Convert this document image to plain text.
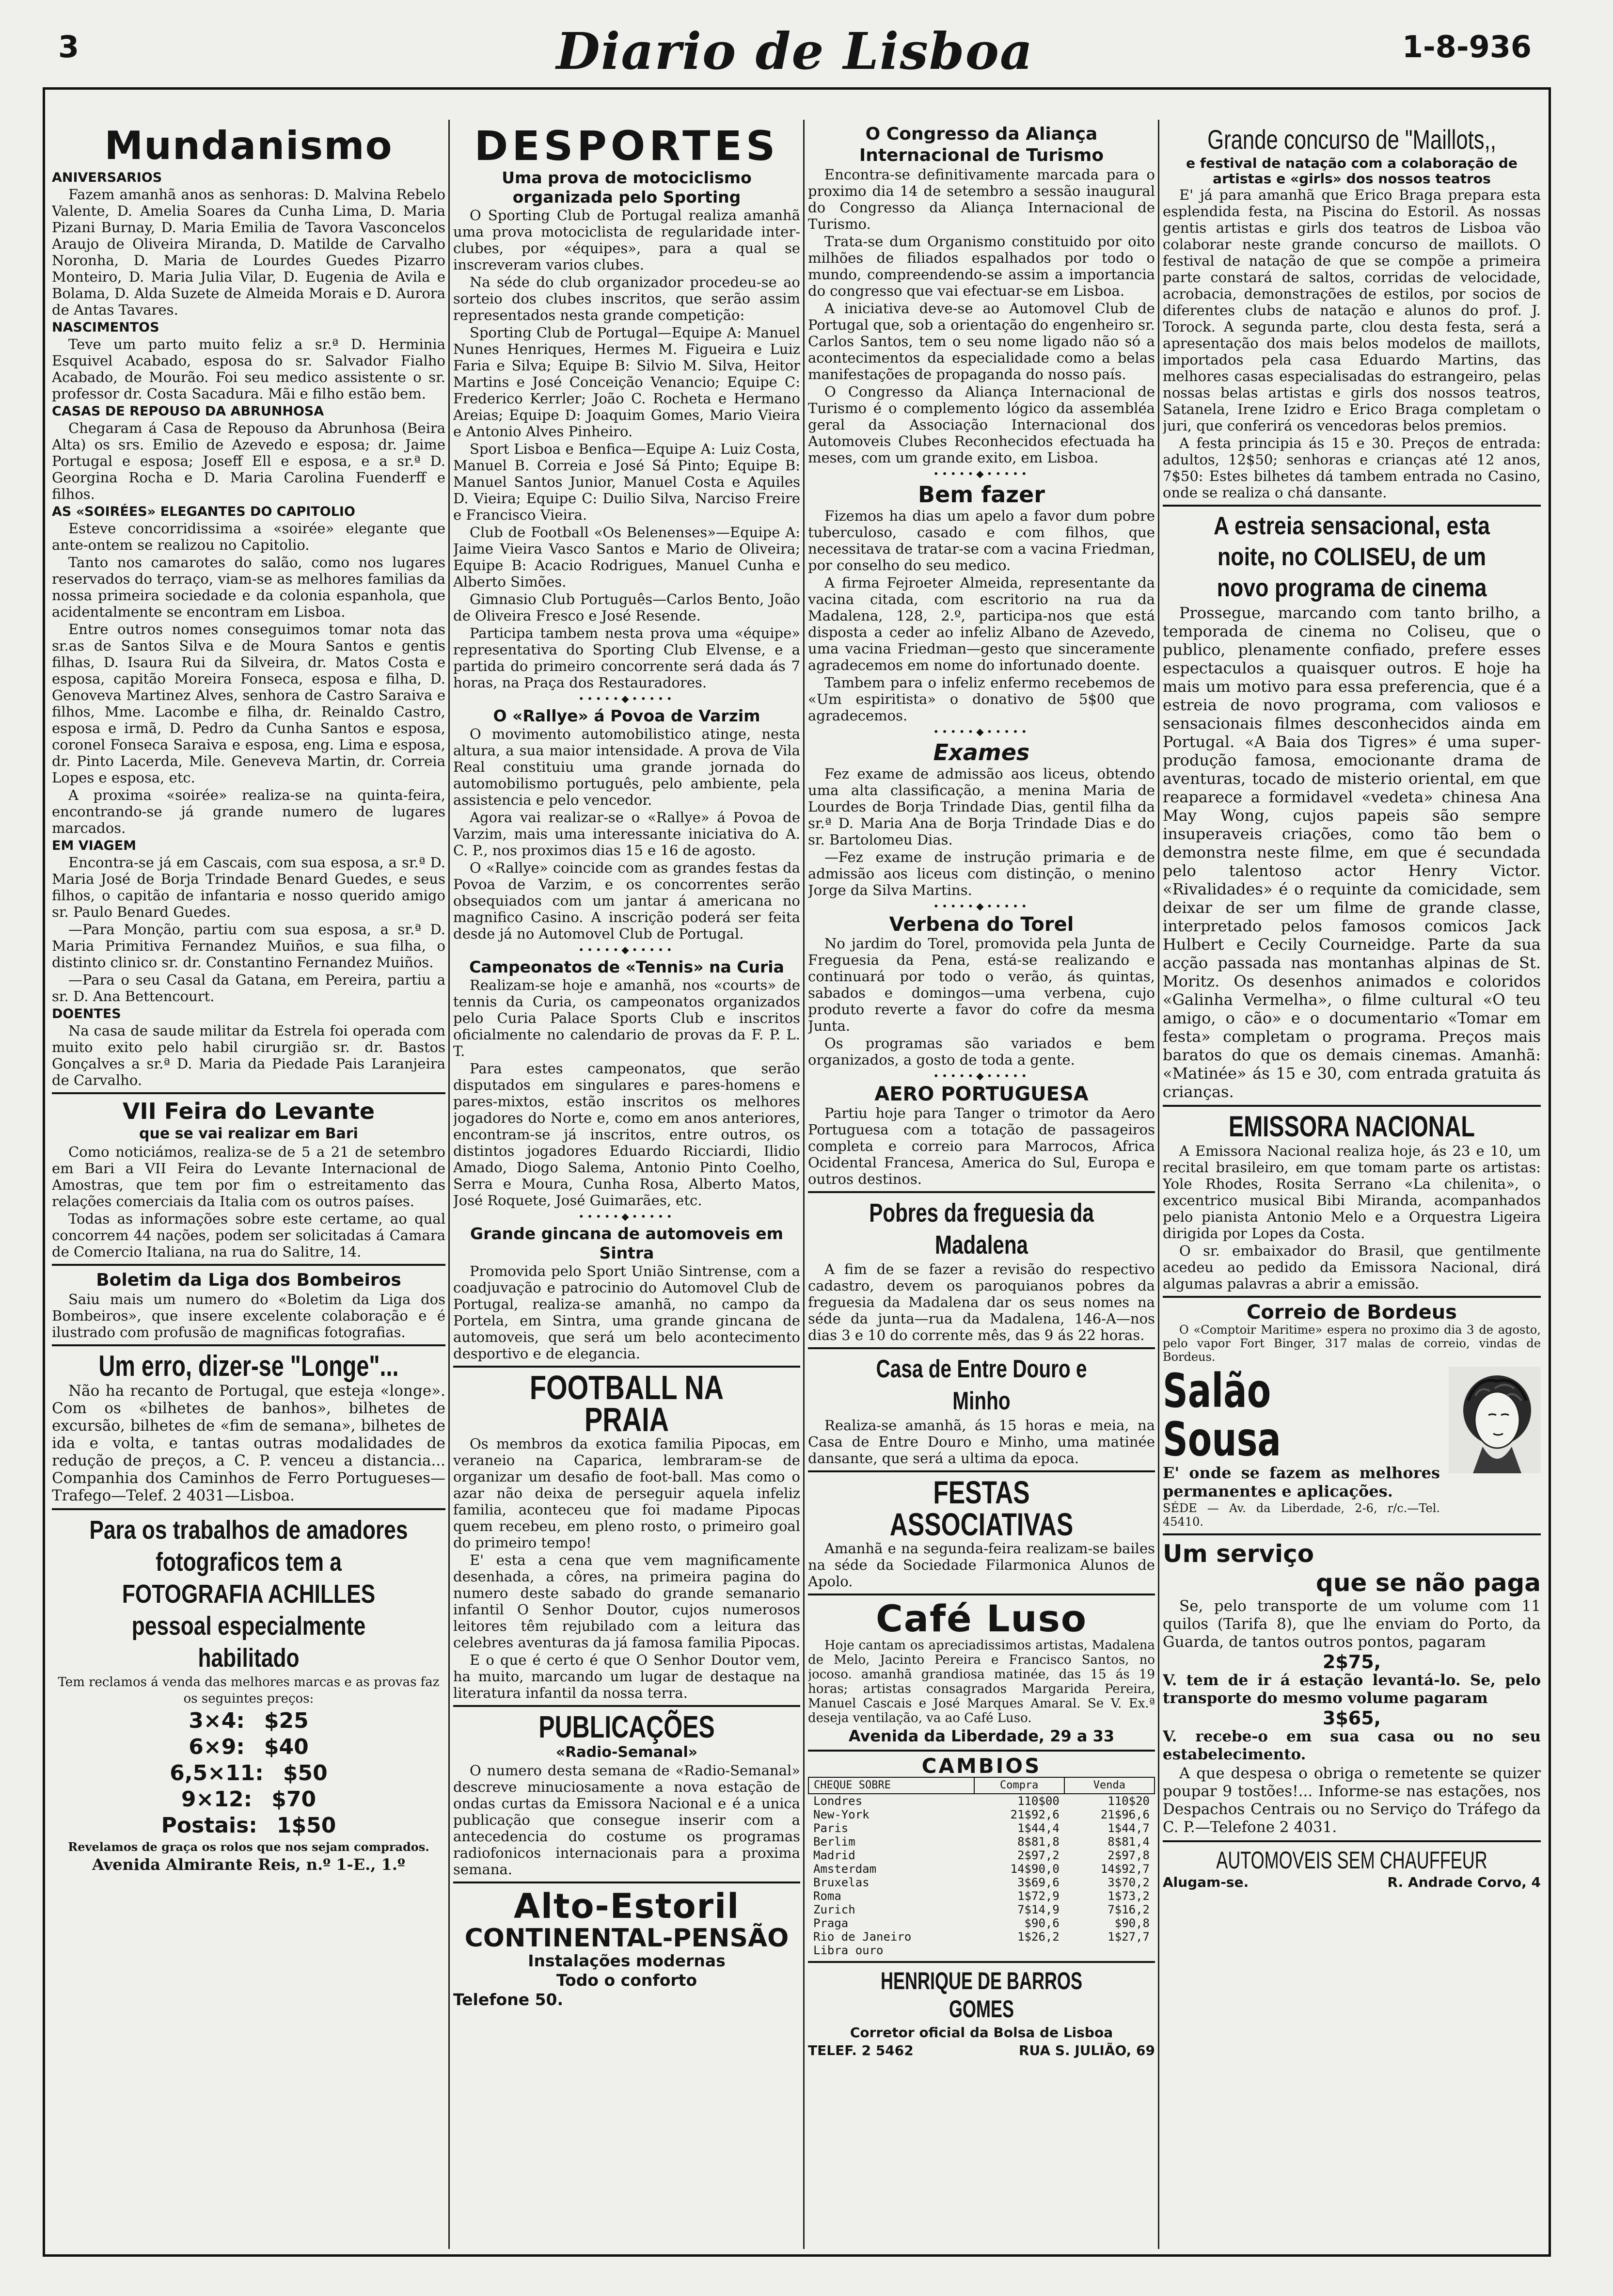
3	Diario de Lisboa	1-8-936
Mundanismo
ANIVERSARIOS

Fazem amanhã anos as senhoras: D. Malvina Rebelo Valente, D. Amelia Soares da Cunha Lima, D. Maria Pizani Burnay, D. Maria Emilia de Tavora Vasconcelos Araujo de Oliveira Miranda, D. Matilde de Carvalho Noronha, D. Maria de Lourdes Guedes Pizarro Monteiro, D. Maria Julia Vilar, D. Eugenia de Avila e Bolama, D. Alda Suzete de Almeida Morais e D. Aurora de Antas Tavares.

NASCIMENTOS

Teve um parto muito feliz a sr.ª D. Herminia Esquivel Acabado, esposa do sr. Salvador Fialho Acabado, de Mourão. Foi seu medico assistente o sr. professor dr. Costa Sacadura. Mãi e filho estão bem.

CASAS DE REPOUSO DA ABRUNHOSA

Chegaram á Casa de Repouso da Abrunhosa (Beira Alta) os srs. Emilio de Azevedo e esposa; dr. Jaime Portugal e esposa; Joseff Ell e esposa, e a sr.ª D. Georgina Rocha e D. Maria Carolina Fuenderff e filhos.

AS «SOIRÉES» ELEGANTES DO CAPITOLIO

Esteve concorridissima a «soirée» elegante que ante-ontem se realizou no Capitolio.

Tanto nos camarotes do salão, como nos lugares reservados do terraço, viam-se as melhores familias da nossa primeira sociedade e da colonia espanhola, que acidentalmente se encontram em Lisboa.

Entre outros nomes conseguimos tomar nota das sr.as de Santos Silva e de Moura Santos e gentis filhas, D. Isaura Rui da Silveira, dr. Matos Costa e esposa, capitão Moreira Fonseca, esposa e filha, D. Genoveva Martinez Alves, senhora de Castro Saraiva e filhos, Mme. Lacombe e filha, dr. Reinaldo Castro, esposa e irmã, D. Pedro da Cunha Santos e esposa, coronel Fonseca Saraiva e esposa, eng. Lima e esposa, dr. Pinto Lacerda, Mile. Geneveva Martin, dr. Correia Lopes e esposa, etc.

A proxima «soirée» realiza-se na quinta-feira, encontrando-se já grande numero de lugares marcados.

EM VIAGEM

Encontra-se já em Cascais, com sua esposa, a sr.ª D. Maria José de Borja Trindade Benard Guedes, e seus filhos, o capitão de infantaria e nosso querido amigo sr. Paulo Benard Guedes.

—Para Monção, partiu com sua esposa, a sr.ª D. Maria Primitiva Fernandez Muiños, e sua filha, o distinto clinico sr. dr. Constantino Fernandez Muiños.

—Para o seu Casal da Gatana, em Pereira, partiu a sr. D. Ana Bettencourt.

DOENTES

Na casa de saude militar da Estrela foi operada com muito exito pelo habil cirurgião sr. dr. Bastos Gonçalves a sr.ª D. Maria da Piedade Pais Laranjeira de Carvalho.

VII Feira do Levante
que se vai realizar em Bari

Como noticiámos, realiza-se de 5 a 21 de setembro em Bari a VII Feira do Levante Internacional de Amostras, que tem por fim o estreitamento das relações comerciais da Italia com os outros países.

Todas as informações sobre este certame, ao qual concorrem 44 nações, podem ser solicitadas á Camara de Comercio Italiana, na rua do Salitre, 14.

Boletim da Liga dos Bombeiros

Saiu mais um numero do «Boletim da Liga dos Bombeiros», que insere excelente colaboração e é ilustrado com profusão de magnificas fotografias.

Um erro, dizer-se "Longe"...

Não ha recanto de Portugal, que esteja «longe». Com os «bilhetes de banhos», bilhetes de excursão, bilhetes de «fim de semana», bilhetes de ida e volta, e tantas outras modalidades de redução de preços, a C. P. venceu a distancia... Companhia dos Caminhos de Ferro Portugueses—Trafego—Telef. 2 4031—Lisboa.

Para os trabalhos de amadores fotograficos tem a FOTOGRAFIA ACHILLES pessoal especialmente habilitado

Tem reclamos á venda das melhores marcas e as provas faz os seguintes preços:

3×4: $25
6×9: $40
6,5×11: $50
9×12: $70
Postais: 1$50

Revelamos de graça os rolos que nos sejam comprados.

Avenida Almirante Reis, n.º 1-E., 1.º

DESPORTES
Uma prova de motociclismo organizada pelo Sporting

O Sporting Club de Portugal realiza amanhã uma prova motociclista de regularidade inter-clubes, por «équipes», para a qual se inscreveram varios clubes.

Na séde do club organizador procedeu-se ao sorteio dos clubes inscritos, que serão assim representados nesta grande competição:

Sporting Club de Portugal—Equipe A: Manuel Nunes Henriques, Hermes M. Figueira e Luiz Faria e Silva; Equipe B: Silvio M. Silva, Heitor Martins e José Conceição Venancio; Equipe C: Frederico Kerrler; João C. Rocheta e Hermano Areias; Equipe D: Joaquim Gomes, Mario Vieira e Antonio Alves Pinheiro.

Sport Lisboa e Benfica—Equipe A: Luiz Costa, Manuel B. Correia e José Sá Pinto; Equipe B: Manuel Santos Junior, Manuel Costa e Aquiles D. Vieira; Equipe C: Duilio Silva, Narciso Freire e Francisco Vieira.

Club de Football «Os Belenenses»—Equipe A: Jaime Vieira Vasco Santos e Mario de Oliveira; Equipe B: Acacio Rodrigues, Manuel Cunha e Alberto Simões.

Gimnasio Club Português—Carlos Bento, João de Oliveira Fresco e José Resende.

Participa tambem nesta prova uma «équipe» representativa do Sporting Club Elvense, e a partida do primeiro concorrente será dada ás 7 horas, na Praça dos Restauradores.

•••••◆•••••
O «Rallye» á Povoa de Varzim

O movimento automobilistico atinge, nesta altura, a sua maior intensidade. A prova de Vila Real constituiu uma grande jornada do automobilismo português, pelo ambiente, pela assistencia e pelo vencedor.

Agora vai realizar-se o «Rallye» á Povoa de Varzim, mais uma interessante iniciativa do A. C. P., nos proximos dias 15 e 16 de agosto.

O «Rallye» coincide com as grandes festas da Povoa de Varzim, e os concorrentes serão obsequiados com um jantar á americana no magnifico Casino. A inscrição poderá ser feita desde já no Automovel Club de Portugal.

•••••◆•••••
Campeonatos de «Tennis» na Curia

Realizam-se hoje e amanhã, nos «courts» de tennis da Curia, os campeonatos organizados pelo Curia Palace Sports Club e inscritos oficialmente no calendario de provas da F. P. L. T.

Para estes campeonatos, que serão disputados em singulares e pares-homens e pares-mixtos, estão inscritos os melhores jogadores do Norte e, como em anos anteriores, encontram-se já inscritos, entre outros, os distintos jogadores Eduardo Ricciardi, Ilidio Amado, Diogo Salema, Antonio Pinto Coelho, Serra e Moura, Cunha Rosa, Alberto Matos, José Roquete, José Guimarães, etc.

•••••◆•••••
Grande gincana de automoveis em Sintra

Promovida pelo Sport União Sintrense, com a coadjuvação e patrocinio do Automovel Club de Portugal, realiza-se amanhã, no campo da Portela, em Sintra, uma grande gincana de automoveis, que será um belo acontecimento desportivo e de elegancia.

FOOTBALL NA PRAIA

Os membros da exotica familia Pipocas, em veraneio na Caparica, lembraram-se de organizar um desafio de foot-ball. Mas como o azar não deixa de perseguir aquela infeliz familia, aconteceu que foi madame Pipocas quem recebeu, em pleno rosto, o primeiro goal do primeiro tempo!

E' esta a cena que vem magnificamente desenhada, a côres, na primeira pagina do numero deste sabado do grande semanario infantil O Senhor Doutor, cujos numerosos leitores têm rejubilado com a leitura das celebres aventuras da já famosa familia Pipocas.

E o que é certo é que O Senhor Doutor vem, ha muito, marcando um lugar de destaque na literatura infantil da nossa terra.

PUBLICAÇÕES
«Radio-Semanal»

O numero desta semana de «Radio-Semanal» descreve minuciosamente a nova estação de ondas curtas da Emissora Nacional e é a unica publicação que consegue inserir com a antecedencia do costume os programas radiofonicos internacionais para a proxima semana.

Alto-Estoril
CONTINENTAL-PENSÃO
Instalações modernas
Todo o conforto
Telefone 50.
O Congresso da Aliança Internacional de Turismo

Encontra-se definitivamente marcada para o proximo dia 14 de setembro a sessão inaugural do Congresso da Aliança Internacional de Turismo.

Trata-se dum Organismo constituido por oito milhões de filiados espalhados por todo o mundo, compreendendo-se assim a importancia do congresso que vai efectuar-se em Lisboa.

A iniciativa deve-se ao Automovel Club de Portugal que, sob a orientação do engenheiro sr. Carlos Santos, tem o seu nome ligado não só a acontecimentos da especialidade como a belas manifestações de propaganda do nosso país.

O Congresso da Aliança Internacional de Turismo é o complemento lógico da assembléa geral da Associação Internacional dos Automoveis Clubes Reconhecidos efectuada ha meses, com um grande exito, em Lisboa.

•••••◆•••••
Bem fazer

Fizemos ha dias um apelo a favor dum pobre tuberculoso, casado e com filhos, que necessitava de tratar-se com a vacina Friedman, por conselho do seu medico.

A firma Fejroeter Almeida, representante da vacina citada, com escritorio na rua da Madalena, 128, 2.º, participa-nos que está disposta a ceder ao infeliz Albano de Azevedo, uma vacina Friedman—gesto que sinceramente agradecemos em nome do infortunado doente.

Tambem para o infeliz enfermo recebemos de «Um espiritista» o donativo de 5$00 que agradecemos.

•••••◆•••••
Exames

Fez exame de admissão aos liceus, obtendo uma alta classificação, a menina Maria de Lourdes de Borja Trindade Dias, gentil filha da sr.ª D. Maria Ana de Borja Trindade Dias e do sr. Bartolomeu Dias.

—Fez exame de instrução primaria e de admissão aos liceus com distinção, o menino Jorge da Silva Martins.

•••••◆•••••
Verbena do Torel

No jardim do Torel, promovida pela Junta de Freguesia da Pena, está-se realizando e continuará por todo o verão, ás quintas, sabados e domingos—uma verbena, cujo produto reverte a favor do cofre da mesma Junta.

Os programas são variados e bem organizados, a gosto de toda a gente.

•••••◆•••••
AERO PORTUGUESA

Partiu hoje para Tanger o trimotor da Aero Portuguesa com a totação de passageiros completa e correio para Marrocos, Africa Ocidental Francesa, America do Sul, Europa e outros destinos.

Pobres da freguesia da Madalena

A fim de se fazer a revisão do respectivo cadastro, devem os paroquianos pobres da freguesia da Madalena dar os seus nomes na séde da junta—rua da Madalena, 146-A—nos dias 3 e 10 do corrente mês, das 9 ás 22 horas.

Casa de Entre Douro e Minho

Realiza-se amanhã, ás 15 horas e meia, na Casa de Entre Douro e Minho, uma matinée dansante, que será a ultima da epoca.

FESTAS ASSOCIATIVAS

Amanhã e na segunda-feira realizam-se bailes na séde da Sociedade Filarmonica Alunos de Apolo.

Café Luso

Hoje cantam os apreciadissimos artistas, Madalena de Melo, Jacinto Pereira e Francisco Santos, no jocoso. amanhã grandiosa matinée, das 15 ás 19 horas; artistas consagrados Margarida Pereira, Manuel Cascais e José Marques Amaral. Se V. Ex.ª deseja ventilação, va ao Café Luso.

Avenida da Liberdade, 29 a 33
CAMBIOS
CHEQUE SOBRE	Compra	Venda
Londres	110$00	110$20
New-York	21$92,6	21$96,6
Paris	1$44,4	1$44,7
Berlim	8$81,8	8$81,4
Madrid	2$97,2	2$97,8
Amsterdam	14$90,0	14$92,7
Bruxelas	3$69,6	3$70,2
Roma	1$72,9	1$73,2
Zurich	7$14,9	7$16,2
Praga	$90,6	$90,8
Rio de Janeiro	1$26,2	1$27,7
Libra ouro		
HENRIQUE DE BARROS GOMES
Corretor oficial da Bolsa de Lisboa
TELEF. 2 5462	RUA S. JULIÃO, 69
Grande concurso de "Maillots,,
e festival de natação com a colaboração de artistas e «girls» dos nossos teatros

E' já para amanhã que Erico Braga prepara esta esplendida festa, na Piscina do Estoril. As nossas gentis artistas e girls dos teatros de Lisboa vão colaborar neste grande concurso de maillots. O festival de natação de que se compõe a primeira parte constará de saltos, corridas de velocidade, acrobacia, demonstrações de estilos, por socios de diferentes clubs de natação e alunos do prof. J. Torock. A segunda parte, clou desta festa, será a apresentação dos mais belos modelos de maillots, importados pela casa Eduardo Martins, das melhores casas especialisadas do estrangeiro, pelas nossas belas artistas e girls dos nossos teatros, Satanela, Irene Izidro e Erico Braga completam o juri, que conferirá os vencedoras belos premios.

A festa principia ás 15 e 30. Preços de entrada: adultos, 12$50; senhoras e crianças até 12 anos, 7$50: Estes bilhetes dá tambem entrada no Casino, onde se realiza o chá dansante.

A estreia sensacional, esta noite, no COLISEU, de um novo programa de cinema

Prossegue, marcando com tanto brilho, a temporada de cinema no Coliseu, que o publico, plenamente confiado, prefere esses espectaculos a quaisquer outros. E hoje ha mais um motivo para essa preferencia, que é a estreia de novo programa, com valiosos e sensacionais filmes desconhecidos ainda em Portugal. «A Baia dos Tigres» é uma super-produção famosa, emocionante drama de aventuras, tocado de misterio oriental, em que reaparece a formidavel «vedeta» chinesa Ana May Wong, cujos papeis são sempre insuperaveis criações, como tão bem o demonstra neste filme, em que é secundada pelo talentoso actor Henry Victor. «Rivalidades» é o requinte da comicidade, sem deixar de ser um filme de grande classe, interpretado pelos famosos comicos Jack Hulbert e Cecily Courneidge. Parte da sua acção passada nas montanhas alpinas de St. Moritz. Os desenhos animados e coloridos «Galinha Vermelha», o filme cultural «O teu amigo, o cão» e o documentario «Tomar em festa» completam o programa. Preços mais baratos do que os demais cinemas. Amanhã: «Matinée» ás 15 e 30, com entrada gratuita ás crianças.

EMISSORA NACIONAL

A Emissora Nacional realiza hoje, ás 23 e 10, um recital brasileiro, em que tomam parte os artistas: Yole Rhodes, Rosita Serrano «La chilenita», o excentrico musical Bibi Miranda, acompanhados pelo pianista Antonio Melo e a Orquestra Ligeira dirigida por Lopes da Costa.

O sr. embaixador do Brasil, que gentilmente acedeu ao pedido da Emissora Nacional, dirá algumas palavras a abrir a emissão.

Correio de Bordeus

O «Comptoir Maritime» espera no proximo dia 3 de agosto, pelo vapor Fort Binger, 317 malas de correio, vindas de Bordeus.

Salão Sousa

E' onde se fazem as melhores permanentes e aplicações.

SÉDE — Av. da Liberdade, 2-6, r/c.—Tel. 45410.

Um serviço
que se não paga

Se, pelo transporte de um volume com 11 quilos (Tarifa 8), que lhe enviam do Porto, da Guarda, de tantos outros pontos, pagaram

2$75,

V. tem de ir á estação levantá-lo. Se, pelo transporte do mesmo volume pagaram

3$65,

V. recebe-o em sua casa ou no seu estabelecimento.

A que despesa o obriga o remetente se quizer poupar 9 tostões!... Informe-se nas estações, nos Despachos Centrais ou no Serviço do Tráfego da C. P.—Telefone 2 4031.

AUTOMOVEIS SEM CHAUFFEUR
Alugam-se.	R. Andrade Corvo, 4
